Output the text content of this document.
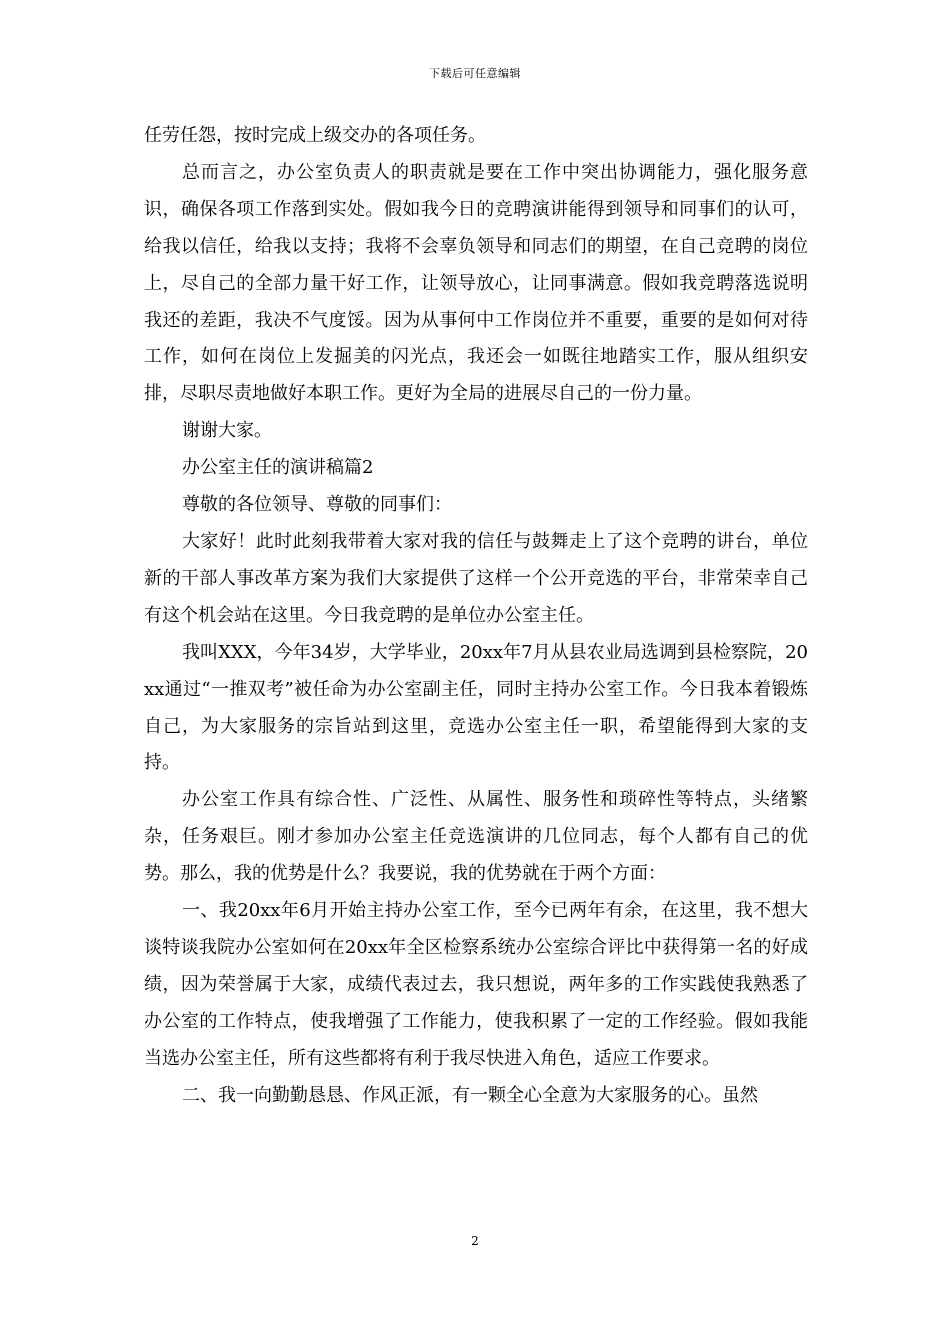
下载后可任意编辑

任劳任怨，按时完成上级交办的各项任务。

总而言之，办公室负责人的职责就是要在工作中突出协调能力，强化服务意识，确保各项工作落到实处。假如我今日的竞聘演讲能得到领导和同事们的认可，给我以信任，给我以支持；我将不会辜负领导和同志们的期望，在自己竞聘的岗位上，尽自己的全部力量干好工作，让领导放心，让同事满意。假如我竞聘落选说明我还的差距，我决不气度馁。因为从事何中工作岗位并不重要，重要的是如何对待工作，如何在岗位上发掘美的闪光点，我还会一如既往地踏实工作，服从组织安排，尽职尽责地做好本职工作。更好为全局的进展尽自己的一份力量。

谢谢大家。

办公室主任的演讲稿篇2

尊敬的各位领导、尊敬的同事们：

大家好！此时此刻我带着大家对我的信任与鼓舞走上了这个竞聘的讲台，单位新的干部人事改革方案为我们大家提供了这样一个公开竞选的平台，非常荣幸自己有这个机会站在这里。今日我竞聘的是单位办公室主任。

我叫XXX，今年34岁，大学毕业，20xx年7月从县农业局选调到县检察院，20xx通过“一推双考”被任命为办公室副主任，同时主持办公室工作。今日我本着锻炼自己，为大家服务的宗旨站到这里，竞选办公室主任一职，希望能得到大家的支持。

办公室工作具有综合性、广泛性、从属性、服务性和琐碎性等特点，头绪繁杂，任务艰巨。刚才参加办公室主任竞选演讲的几位同志，每个人都有自己的优势。那么，我的优势是什么？我要说，我的优势就在于两个方面：

一、我20xx年6月开始主持办公室工作，至今已两年有余，在这里，我不想大谈特谈我院办公室如何在20xx年全区检察系统办公室综合评比中获得第一名的好成绩，因为荣誉属于大家，成绩代表过去，我只想说，两年多的工作实践使我熟悉了办公室的工作特点，使我增强了工作能力，使我积累了一定的工作经验。假如我能当选办公室主任，所有这些都将有利于我尽快进入角色，适应工作要求。

二、我一向勤勤恳恳、作风正派，有一颗全心全意为大家服务的心。虽然

2
